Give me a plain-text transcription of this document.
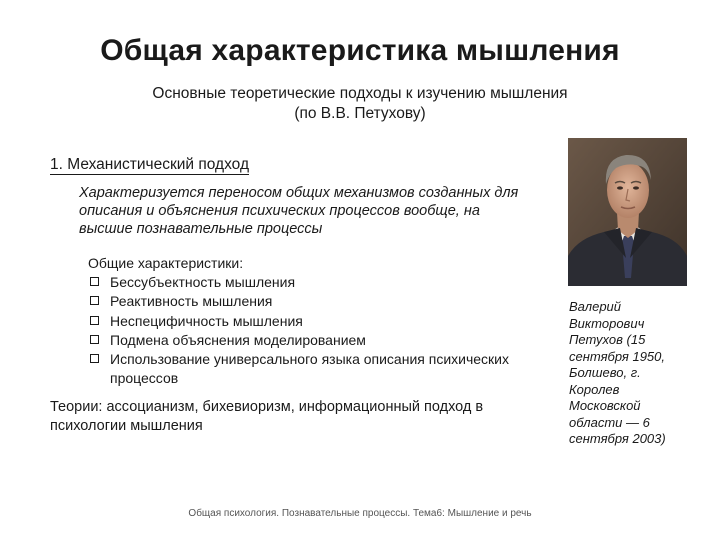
Общая характеристика мышления
Основные теоретические подходы к изучению мышления
(по В.В. Петухову)
1. Механистический подход
Характеризуется переносом общих механизмов созданных для описания и объяснения психических процессов вообще, на высшие познавательные процессы
Общие характеристики:
Бессубъектность мышления
Реактивность мышления
Неспецифичность мышления
Подмена объяснения моделированием
Использование универсального языка описания психических процессов
Теории: ассоцианизм, бихевиоризм, информационный подход в психологии мышления
Валерий Викторович Петухов (15 сентября 1950, Болшево, г. Королев Московской области — 6 сентября 2003)
Общая психология. Познавательные процессы. Тема6: Мышление и речь
